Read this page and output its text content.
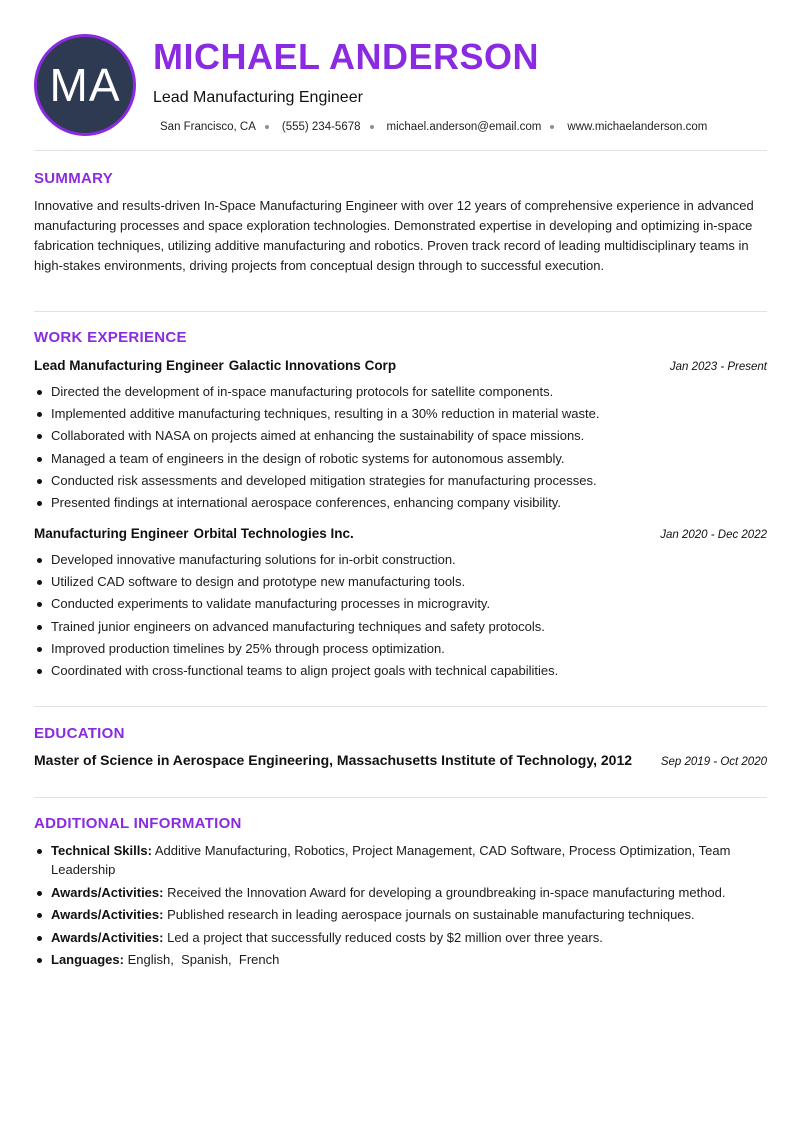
MA
MICHAEL ANDERSON
Lead Manufacturing Engineer
San Francisco, CA (555) 234-5678 michael.anderson@email.com www.michaelanderson.com
SUMMARY
Innovative and results-driven In-Space Manufacturing Engineer with over 12 years of comprehensive experience in advanced manufacturing processes and space exploration technologies. Demonstrated expertise in developing and optimizing in-space fabrication techniques, utilizing additive manufacturing and robotics. Proven track record of leading multidisciplinary teams in high-stakes environments, driving projects from conceptual design through to successful execution.
WORK EXPERIENCE
Lead Manufacturing Engineer Galactic Innovations Corp	Jan 2023 - Present
Directed the development of in-space manufacturing protocols for satellite components.
Implemented additive manufacturing techniques, resulting in a 30% reduction in material waste.
Collaborated with NASA on projects aimed at enhancing the sustainability of space missions.
Managed a team of engineers in the design of robotic systems for autonomous assembly.
Conducted risk assessments and developed mitigation strategies for manufacturing processes.
Presented findings at international aerospace conferences, enhancing company visibility.
Manufacturing Engineer Orbital Technologies Inc.	Jan 2020 - Dec 2022
Developed innovative manufacturing solutions for in-orbit construction.
Utilized CAD software to design and prototype new manufacturing tools.
Conducted experiments to validate manufacturing processes in microgravity.
Trained junior engineers on advanced manufacturing techniques and safety protocols.
Improved production timelines by 25% through process optimization.
Coordinated with cross-functional teams to align project goals with technical capabilities.
EDUCATION
Master of Science in Aerospace Engineering, Massachusetts Institute of Technology, 2012	Sep 2019 - Oct 2020
ADDITIONAL INFORMATION
Technical Skills: Additive Manufacturing, Robotics, Project Management, CAD Software, Process Optimization, Team Leadership
Awards/Activities: Received the Innovation Award for developing a groundbreaking in-space manufacturing method.
Awards/Activities: Published research in leading aerospace journals on sustainable manufacturing techniques.
Awards/Activities: Led a project that successfully reduced costs by $2 million over three years.
Languages: English,  Spanish,  French
